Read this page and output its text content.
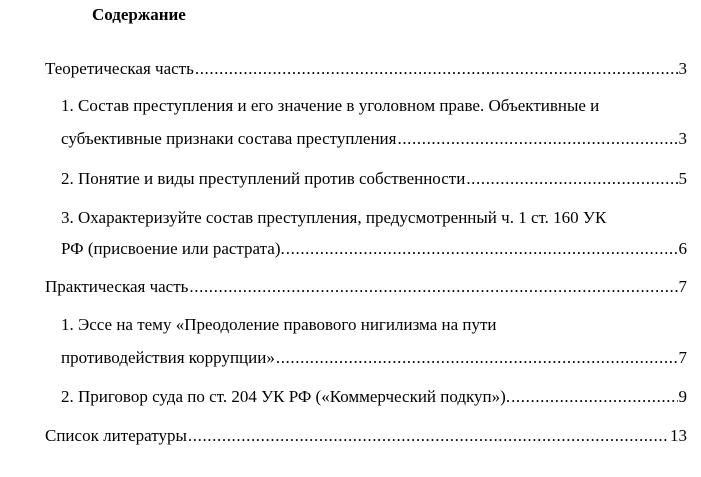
Содержание
Теоретическая часть .....	3
1. Состав преступления и его значение в уголовном праве. Объективные и
субъективные признаки состава преступления .....	3
2. Понятие и виды преступлений против собственности .....	5
3. Охарактеризуйте состав преступления, предусмотренный ч. 1 ст. 160 УК
РФ (присвоение или растрата). .....	6
Практическая часть .....	7
1. Эссе на тему «Преодоление правового нигилизма на пути
противодействия коррупции» .....	7
2. Приговор суда по ст. 204 УК РФ («Коммерческий подкуп»). .....	9
Список литературы .....	13
